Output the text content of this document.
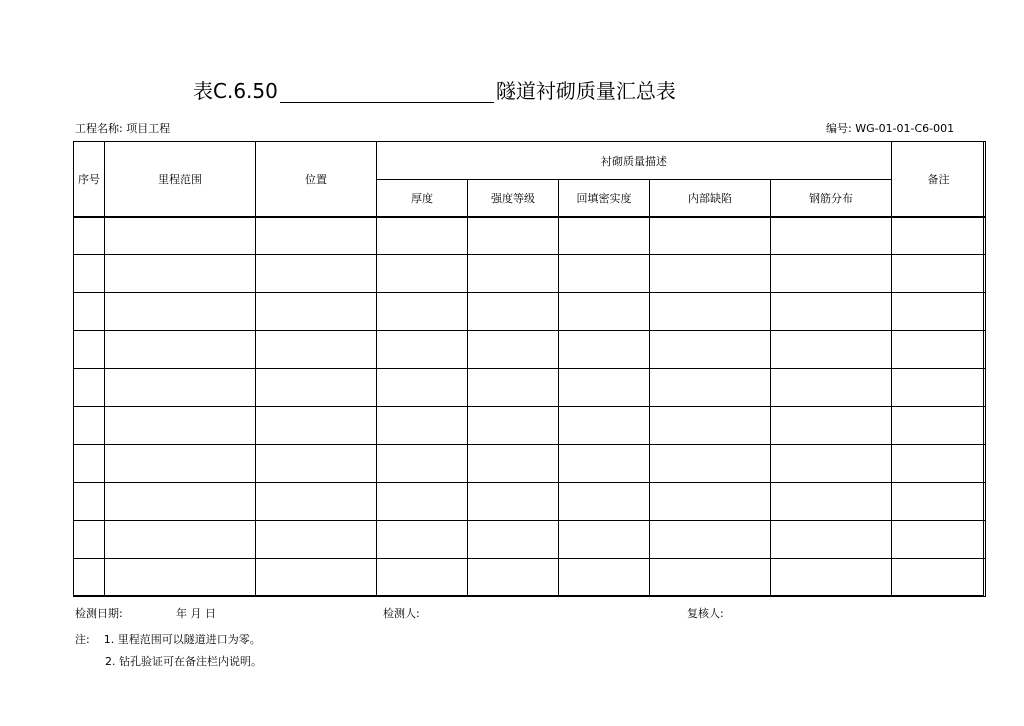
表C.6.50	隧道衬砌质量汇总表
工程名称: 项目工程	编号: WG-01-01-C6-001
序号	里程范围	位置	衬砌质量描述					备注
			厚度	强度等级	回填密实度	内部缺陷	钢筋分布	

检测日期:	年 月 日	检测人:	复核人:
注: 1. 里程范围可以隧道进口为零。
2. 钻孔验证可在备注栏内说明。
